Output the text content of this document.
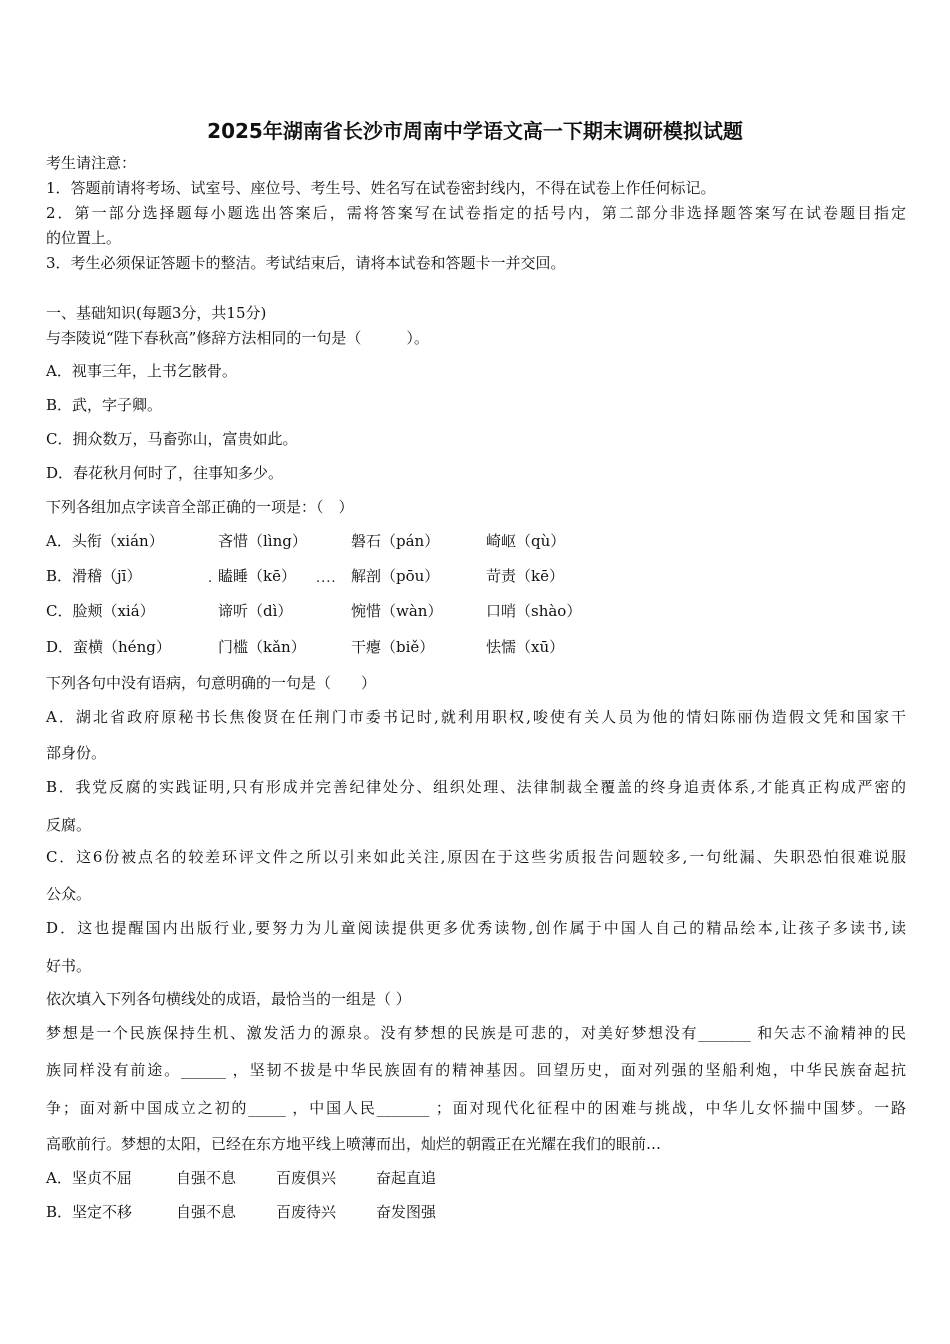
2025年湖南省长沙市周南中学语文高一下期末调研模拟试题
考生请注意：
1．答题前请将考场、试室号、座位号、考生号、姓名写在试卷密封线内，不得在试卷上作任何标记。
2．第一部分选择题每小题选出答案后，需将答案写在试卷指定的括号内，第二部分非选择题答案写在试卷题目指定
的位置上。
3．考生必须保证答题卡的整洁。考试结束后，请将本试卷和答题卡一并交回。
一、基础知识(每题3分，共15分)
与李陵说“陛下春秋高”修辞方法相同的一句是（　　　）。
A．视事三年，上书乞骸骨。
B．武，字子卿。
C．拥众数万，马畜弥山，富贵如此。
D．春花秋月何时了，往事知多少。
下列各组加点字读音全部正确的一项是：（　）
A．头衔（xián）	吝惜（lìng）	磐石（pán）	崎岖（qù）
B．滑稽（jī）	瞌睡（kē）	解剖（pōu）	苛责（kē）
.	....
C．脸颊（xiá）	谛听（dì）	惋惜（wàn）	口哨（shào）
D．蛮横（héng）	门槛（kǎn）	干瘪（biě）	怯懦（xū）
下列各句中没有语病，句意明确的一句是（　　）
A．湖北省政府原秘书长焦俊贤在任荆门市委书记时,就利用职权,唆使有关人员为他的情妇陈丽伪造假文凭和国家干
部身份。
B．我党反腐的实践证明,只有形成并完善纪律处分、组织处理、法律制裁全覆盖的终身追责体系,才能真正构成严密的
反腐。
C．这6份被点名的较差环评文件之所以引来如此关注,原因在于这些劣质报告问题较多,一句纰漏、失职恐怕很难说服
公众。
D．这也提醒国内出版行业,要努力为儿童阅读提供更多优秀读物,创作属于中国人自己的精品绘本,让孩子多读书,读
好书。
依次填入下列各句横线处的成语，最恰当的一组是（ ）
梦想是一个民族保持生机、激发活力的源泉。没有梦想的民族是可悲的，对美好梦想没有_______ 和矢志不渝精神的民
族同样没有前途。______ ，坚韧不拔是中华民族固有的精神基因。回望历史，面对列强的坚船利炮，中华民族奋起抗
争；面对新中国成立之初的_____ ，中国人民_______ ；面对现代化征程中的困难与挑战，中华儿女怀揣中国梦。一路
高歌前行。梦想的太阳，已经在东方地平线上喷薄而出，灿烂的朝霞正在光耀在我们的眼前…
A．坚贞不屈	自强不息	百废俱兴	奋起直追
B．坚定不移	自强不息	百废待兴	奋发图强
